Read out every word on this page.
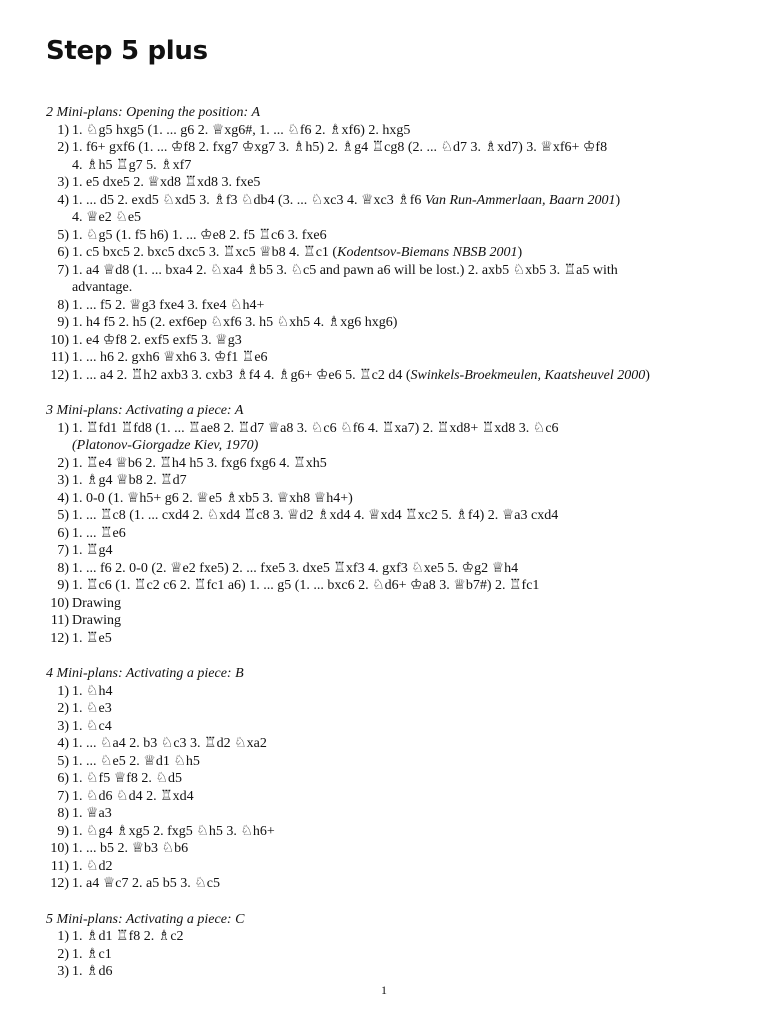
Step 5 plus
2 Mini-plans: Opening the position: A
1) 1. ♘g5 hxg5 (1. ... g6 2. ♕xg6#, 1. ... ♘f6 2. ♗xf6) 2. hxg5
2) 1. f6+ gxf6 (1. ... ♔f8 2. fxg7 ♔xg7 3. ♗h5) 2. ♗g4 ♖cg8 (2. ... ♘d7 3. ♗xd7) 3. ♕xf6+ ♔f8
4. ♗h5 ♖g7 5. ♗xf7
3) 1. e5 dxe5 2. ♕xd8 ♖xd8 3. fxe5
4) 1. ... d5 2. exd5 ♘xd5 3. ♗f3 ♘db4 (3. ... ♘xc3 4. ♕xc3 ♗f6 Van Run-Ammerlaan, Baarn 2001)
4. ♕e2 ♘e5
5) 1. ♘g5 (1. f5 h6) 1. ... ♔e8 2. f5 ♖c6 3. fxe6
6) 1. c5 bxc5 2. bxc5 dxc5 3. ♖xc5 ♕b8 4. ♖c1 (Kodentsov-Biemans NBSB 2001)
7) 1. a4 ♕d8 (1. ... bxa4 2. ♘xa4 ♗b5 3. ♘c5 and pawn a6 will be lost.) 2. axb5 ♘xb5 3. ♖a5 with
advantage.
8) 1. ... f5 2. ♕g3 fxe4 3. fxe4 ♘h4+
9) 1. h4 f5 2. h5 (2. exf6ep ♘xf6 3. h5 ♘xh5 4. ♗xg6 hxg6)
10) 1. e4 ♔f8 2. exf5 exf5 3. ♕g3
11) 1. ... h6 2. gxh6 ♕xh6 3. ♔f1 ♖e6
12) 1. ... a4 2. ♖h2 axb3 3. cxb3 ♗f4 4. ♗g6+ ♔e6 5. ♖c2 d4 (Swinkels-Broekmeulen, Kaatsheuvel 2000)
3 Mini-plans: Activating a piece: A
1) 1. ♖fd1 ♖fd8 (1. ... ♖ae8 2. ♖d7 ♕a8 3. ♘c6 ♘f6 4. ♖xa7) 2. ♖xd8+ ♖xd8 3. ♘c6
(Platonov-Giorgadze Kiev, 1970)
2) 1. ♖e4 ♕b6 2. ♖h4 h5 3. fxg6 fxg6 4. ♖xh5
3) 1. ♗g4 ♕b8 2. ♖d7
4) 1. 0-0 (1. ♕h5+ g6 2. ♕e5 ♗xb5 3. ♕xh8 ♕h4+)
5) 1. ... ♖c8 (1. ... cxd4 2. ♘xd4 ♖c8 3. ♕d2 ♗xd4 4. ♕xd4 ♖xc2 5. ♗f4) 2. ♕a3 cxd4
6) 1. ... ♖e6
7) 1. ♖g4
8) 1. ... f6 2. 0-0 (2. ♕e2 fxe5) 2. ... fxe5 3. dxe5 ♖xf3 4. gxf3 ♘xe5 5. ♔g2 ♕h4
9) 1. ♖c6 (1. ♖c2 c6 2. ♖fc1 a6) 1. ... g5 (1. ... bxc6 2. ♘d6+ ♔a8 3. ♕b7#) 2. ♖fc1
10) Drawing
11) Drawing
12) 1. ♖e5
4 Mini-plans: Activating a piece: B
1) 1. ♘h4
2) 1. ♘e3
3) 1. ♘c4
4) 1. ... ♘a4 2. b3 ♘c3 3. ♖d2 ♘xa2
5) 1. ... ♘e5 2. ♕d1 ♘h5
6) 1. ♘f5 ♕f8 2. ♘d5
7) 1. ♘d6 ♘d4 2. ♖xd4
8) 1. ♕a3
9) 1. ♘g4 ♗xg5 2. fxg5 ♘h5 3. ♘h6+
10) 1. ... b5 2. ♕b3 ♘b6
11) 1. ♘d2
12) 1. a4 ♕c7 2. a5 b5 3. ♘c5
5 Mini-plans: Activating a piece: C
1) 1. ♗d1 ♖f8 2. ♗c2
2) 1. ♗c1
3) 1. ♗d6
1
